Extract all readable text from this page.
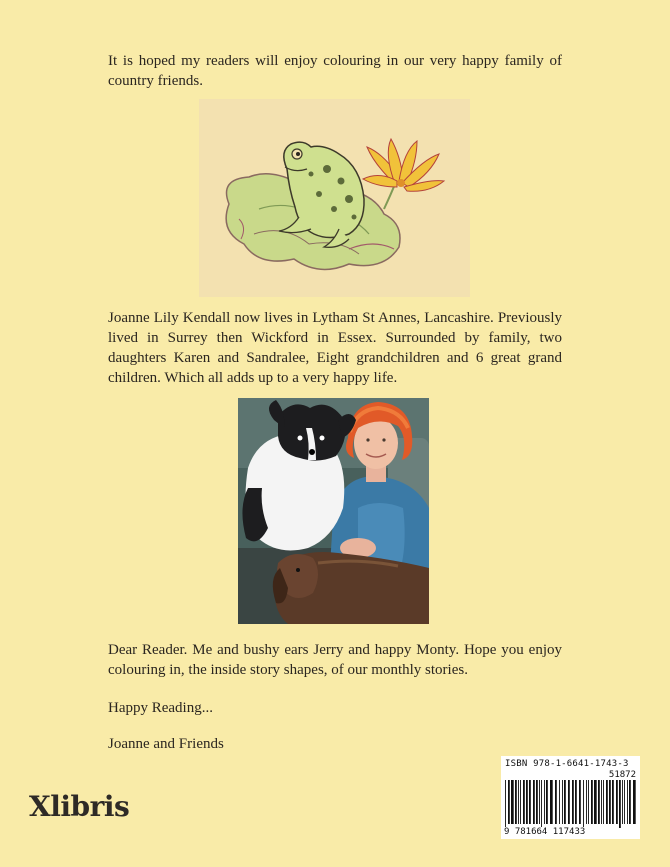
It is hoped my readers will enjoy colouring in our very happy family of country friends.

Joanne Lily Kendall now lives in Lytham St Annes, Lancashire. Previously lived in Surrey then Wickford in Essex. Surrounded by family, two daughters Karen and Sandralee, Eight grandchildren and 6 great grand children. Which all adds up to a very happy life.

Dear Reader. Me and bushy ears Jerry and happy Monty. Hope you enjoy colouring in, the inside story shapes, of our monthly stories.

Happy Reading...

Joanne and Friends

Xlibris
ISBN 978-1-6641-1743-3
51872
9 781664 117433
